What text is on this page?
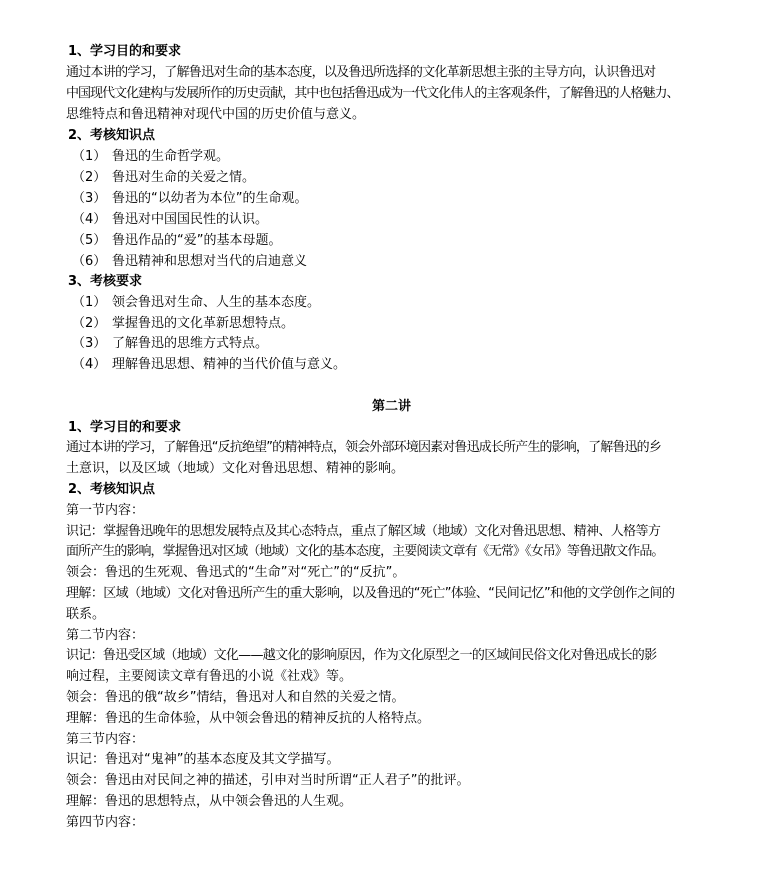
1、学习目的和要求
通过本讲的学习，了解鲁迅对生命的基本态度，以及鲁迅所选择的文化革新思想主张的主导方向，认识鲁迅对
中国现代文化建构与发展所作的历史贡献，其中也包括鲁迅成为一代文化伟人的主客观条件，了解鲁迅的人格魅力、
思维特点和鲁迅精神对现代中国的历史价值与意义。
2、考核知识点
（1） 鲁迅的生命哲学观。
（2） 鲁迅对生命的关爱之情。
（3） 鲁迅的“以幼者为本位”的生命观。
（4） 鲁迅对中国国民性的认识。
（5） 鲁迅作品的“爱”的基本母题。
（6） 鲁迅精神和思想对当代的启迪意义
3、考核要求
（1） 领会鲁迅对生命、人生的基本态度。
（2） 掌握鲁迅的文化革新思想特点。
（3） 了解鲁迅的思维方式特点。
（4） 理解鲁迅思想、精神的当代价值与意义。
第二讲
1、学习目的和要求
通过本讲的学习，了解鲁迅“反抗绝望”的精神特点，领会外部环境因素对鲁迅成长所产生的影响，了解鲁迅的乡
土意识，以及区域（地域）文化对鲁迅思想、精神的影响。
2、考核知识点
第一节内容：
识记：掌握鲁迅晚年的思想发展特点及其心态特点，重点了解区域（地域）文化对鲁迅思想、精神、人格等方
面所产生的影响，掌握鲁迅对区域（地域）文化的基本态度，主要阅读文章有《无常》《女吊》等鲁迅散文作品。
领会：鲁迅的生死观、鲁迅式的“生命”对“死亡”的“反抗”。
理解：区域（地域）文化对鲁迅所产生的重大影响，以及鲁迅的“死亡”体验、“民间记忆”和他的文学创作之间的
联系。
第二节内容：
识记：鲁迅受区域（地域）文化——越文化的影响原因，作为文化原型之一的区域间民俗文化对鲁迅成长的影
响过程，主要阅读文章有鲁迅的小说《社戏》等。
领会：鲁迅的俄“故乡”情结，鲁迅对人和自然的关爱之情。
理解：鲁迅的生命体验，从中领会鲁迅的精神反抗的人格特点。
第三节内容：
识记：鲁迅对“鬼神”的基本态度及其文学描写。
领会：鲁迅由对民间之神的描述，引申对当时所谓“正人君子”的批评。
理解：鲁迅的思想特点，从中领会鲁迅的人生观。
第四节内容：
